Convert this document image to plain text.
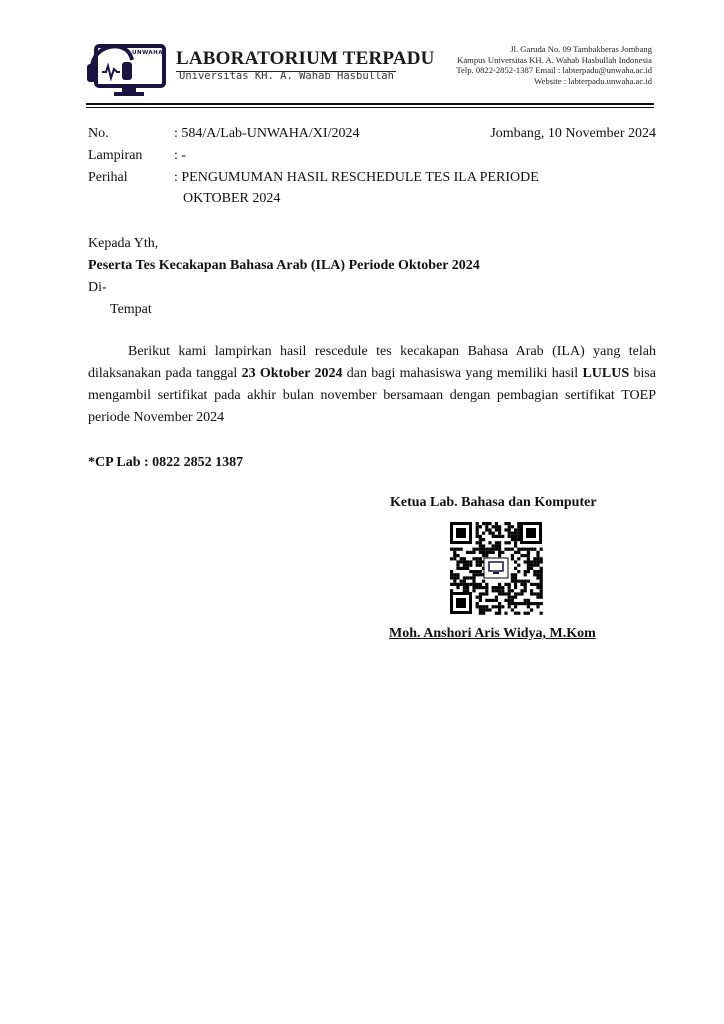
UNWAHA LABORATORIUM TERPADU
Universitas KH. A. Wahab Hasbullah
Jl. Garuda No. 09 Tambakberas Jombang
Kampus Universitas KH. A. Wahab Hasbullah Indonesia
Telp. 0822-2852-1387 Email : labterpadu@unwaha.ac.id
Website : labterpadu.unwaha.ac.id
No.	: 584/A/Lab-UNWAHA/XI/2024	Jombang, 10 November 2024
Lampiran : -
Perihal	: PENGUMUMAN HASIL RESCHEDULE TES ILA PERIODE
OKTOBER 2024
Kepada Yth,
Peserta Tes Kecakapan Bahasa Arab (ILA) Periode Oktober 2024
Di-
Tempat
Berikut kami lampirkan hasil rescedule tes kecakapan Bahasa Arab (ILA) yang telah dilaksanakan pada tanggal 23 Oktober 2024 dan bagi mahasiswa yang memiliki hasil LULUS bisa mengambil sertifikat pada akhir bulan november bersamaan dengan pembagian sertifikat TOEP periode November 2024
*CP Lab : 0822 2852 1387
Ketua Lab. Bahasa dan Komputer
Moh. Anshori Aris Widya, M.Kom
